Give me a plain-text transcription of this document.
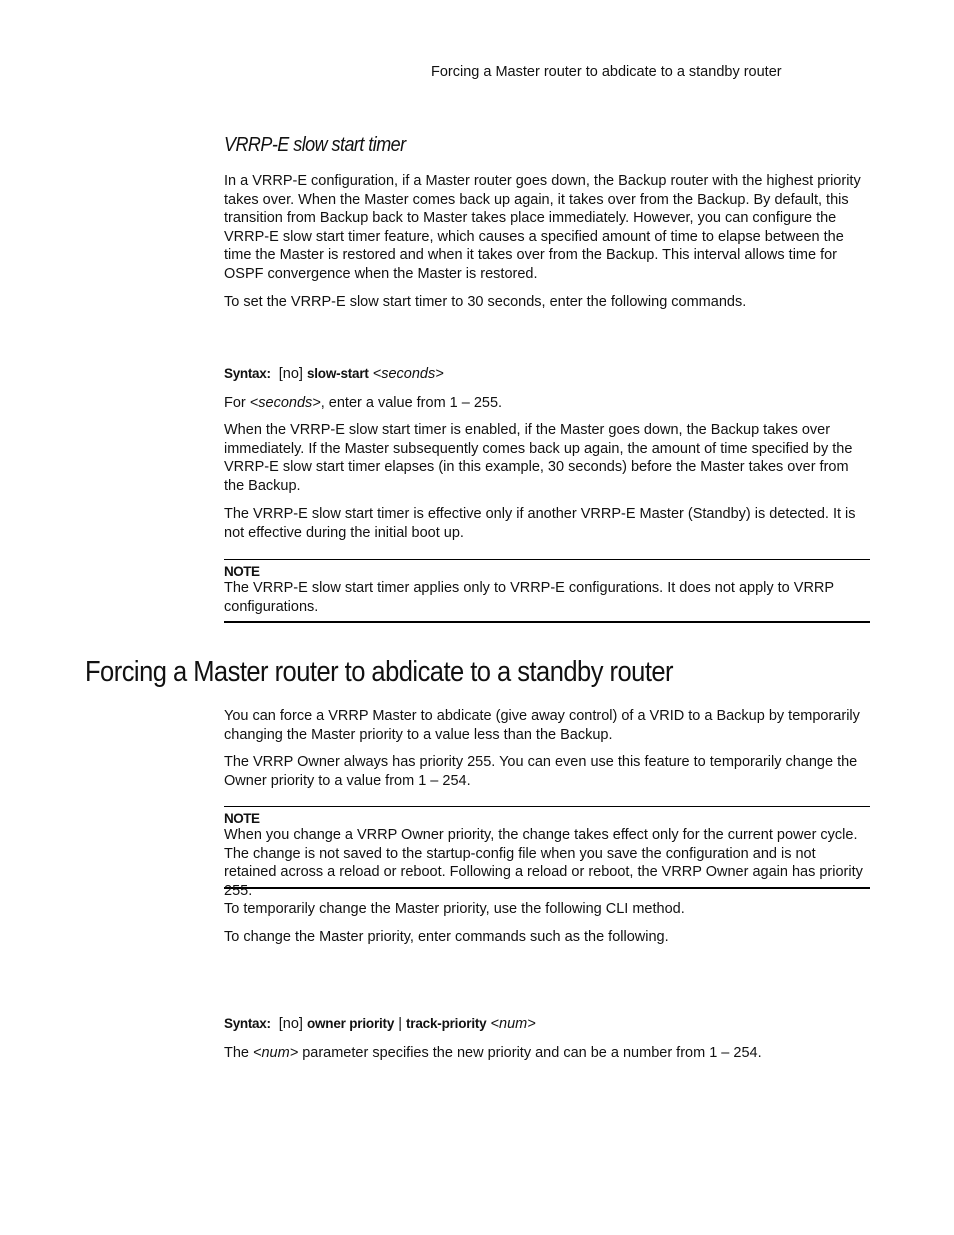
Forcing a Master router to abdicate to a standby router
VRRP-E slow start timer

In a VRRP-E configuration, if a Master router goes down, the Backup router with the highest priority takes over. When the Master comes back up again, it takes over from the Backup. By default, this transition from Backup back to Master takes place immediately. However, you can configure the VRRP-E slow start timer feature, which causes a specified amount of time to elapse between the time the Master is restored and when it takes over from the Backup. This interval allows time for OSPF convergence when the Master is restored.

To set the VRRP-E slow start timer to 30 seconds, enter the following commands.

Syntax: [no] slow-start <seconds>

For <seconds>, enter a value from 1 – 255.

When the VRRP-E slow start timer is enabled, if the Master goes down, the Backup takes over immediately. If the Master subsequently comes back up again, the amount of time specified by the VRRP-E slow start timer elapses (in this example, 30 seconds) before the Master takes over from the Backup.

The VRRP-E slow start timer is effective only if another VRRP-E Master (Standby) is detected. It is not effective during the initial boot up.

NOTE
The VRRP-E slow start timer applies only to VRRP-E configurations. It does not apply to VRRP configurations.
Forcing a Master router to abdicate to a standby router

You can force a VRRP Master to abdicate (give away control) of a VRID to a Backup by temporarily changing the Master priority to a value less than the Backup.

The VRRP Owner always has priority 255. You can even use this feature to temporarily change the Owner priority to a value from 1 – 254.

NOTE
When you change a VRRP Owner priority, the change takes effect only for the current power cycle. The change is not saved to the startup-config file when you save the configuration and is not retained across a reload or reboot. Following a reload or reboot, the VRRP Owner again has priority 255.

To temporarily change the Master priority, use the following CLI method.

To change the Master priority, enter commands such as the following.

Syntax: [no] owner priority | track-priority <num>

The <num> parameter specifies the new priority and can be a number from 1 – 254.
